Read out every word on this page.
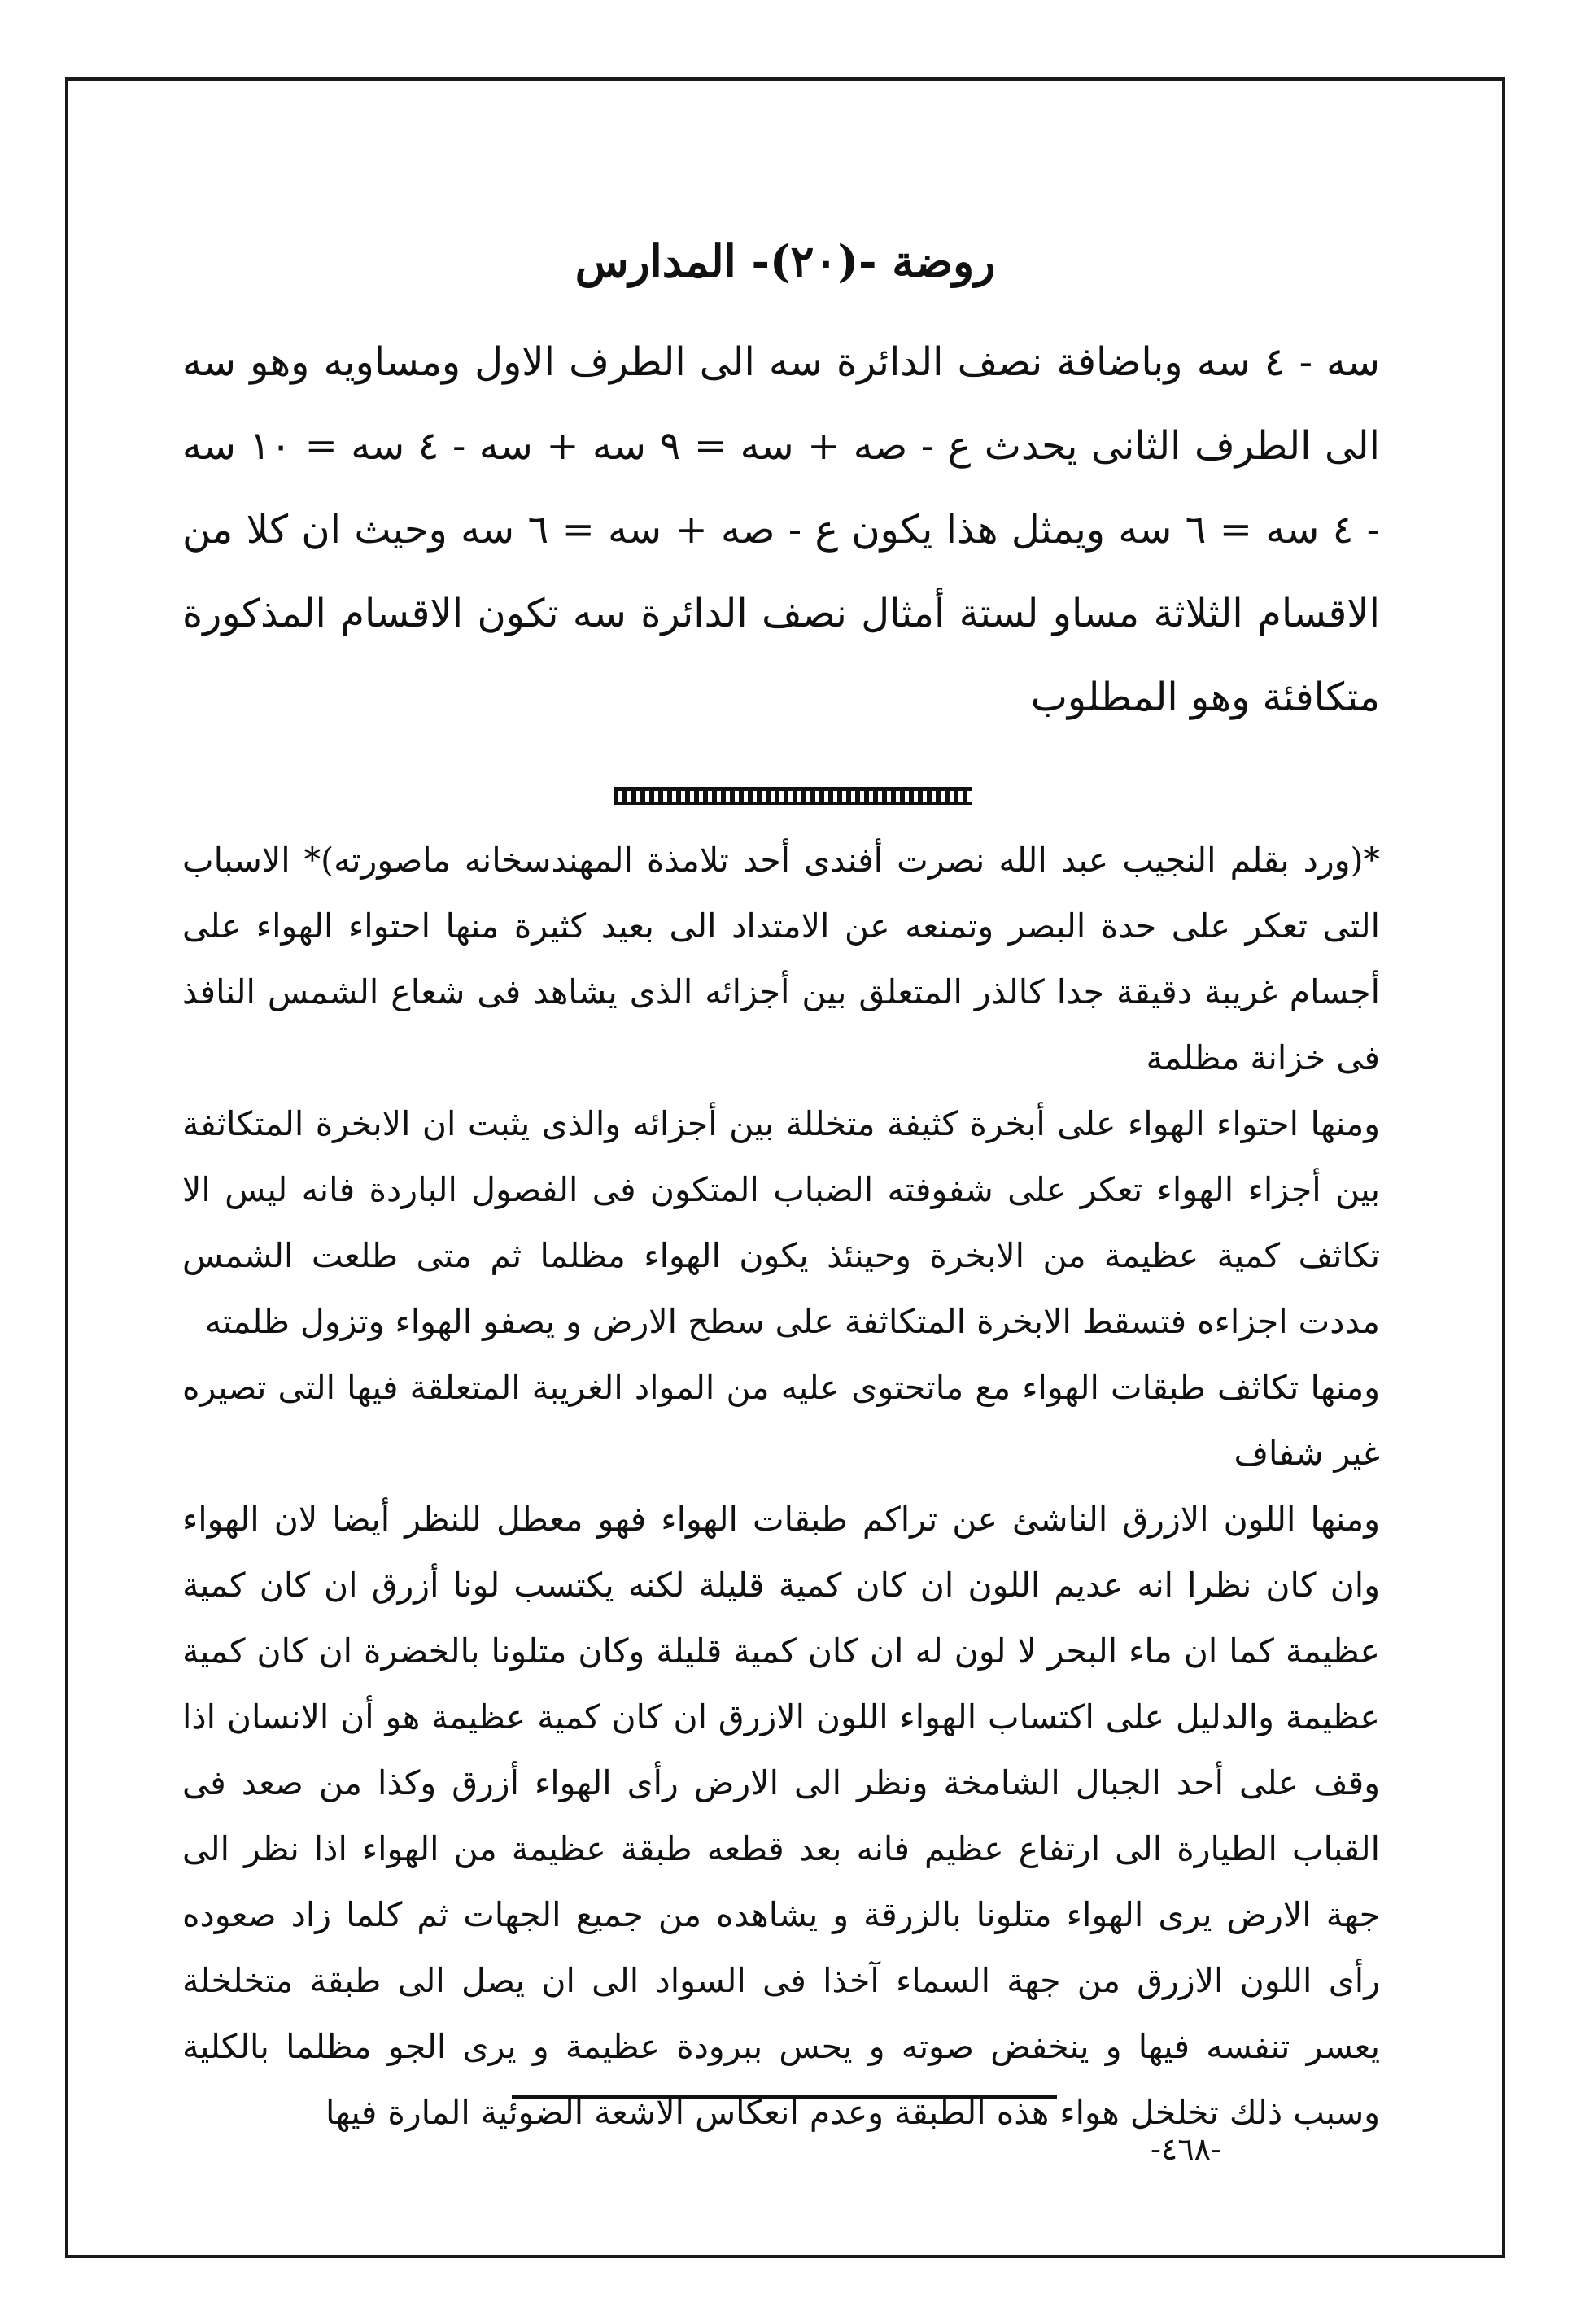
روضة -(٢٠)- المدارس

سه - ٤ سه وباضافة نصف الدائرة سه الى الطرف الاول ومساويه وهو سه الى الطرف الثانى يحدث ع - صه + سه = ٩ سه + سه - ٤ سه = ١٠ سه - ٤ سه = ٦ سه ويمثل هذا يكون ع - صه + سه = ٦ سه وحيث ان كلا من الاقسام الثلاثة مساو لستة أمثال نصف الدائرة سه تكون الاقسام المذكورة متكافئة وهو المطلوب

*(ورد بقلم النجيب عبد الله نصرت أفندى أحد تلامذة المهندسخانه ماصورته)* الاسباب التى تعكر على حدة البصر وتمنعه عن الامتداد الى بعيد كثيرة منها احتواء الهواء على أجسام غريبة دقيقة جدا كالذر المتعلق بين أجزائه الذى يشاهد فى شعاع الشمس النافذ فى خزانة مظلمة

ومنها احتواء الهواء على أبخرة كثيفة متخللة بين أجزائه والذى يثبت ان الابخرة المتكاثفة بين أجزاء الهواء تعكر على شفوفته الضباب المتكون فى الفصول الباردة فانه ليس الا تكاثف كمية عظيمة من الابخرة وحينئذ يكون الهواء مظلما ثم متى طلعت الشمس مددت اجزاءه فتسقط الابخرة المتكاثفة على سطح الارض و يصفو الهواء وتزول ظلمته

ومنها تكاثف طبقات الهواء مع ماتحتوى عليه من المواد الغريبة المتعلقة فيها التى تصيره غير شفاف

ومنها اللون الازرق الناشئ عن تراكم طبقات الهواء فهو معطل للنظر أيضا لان الهواء وان كان نظرا انه عديم اللون ان كان كمية قليلة لكنه يكتسب لونا أزرق ان كان كمية عظيمة كما ان ماء البحر لا لون له ان كان كمية قليلة وكان متلونا بالخضرة ان كان كمية عظيمة والدليل على اكتساب الهواء اللون الازرق ان كان كمية عظيمة هو أن الانسان اذا وقف على أحد الجبال الشامخة ونظر الى الارض رأى الهواء أزرق وكذا من صعد فى القباب الطيارة الى ارتفاع عظيم فانه بعد قطعه طبقة عظيمة من الهواء اذا نظر الى جهة الارض يرى الهواء متلونا بالزرقة و يشاهده من جميع الجهات ثم كلما زاد صعوده رأى اللون الازرق من جهة السماء آخذا فى السواد الى ان يصل الى طبقة متخلخلة يعسر تنفسه فيها و ينخفض صوته و يحس ببرودة عظيمة و يرى الجو مظلما بالكلية وسبب ذلك تخلخل هواء هذه الطبقة وعدم انعكاس الاشعة الضوئية المارة فيها

-٤٦٨-
